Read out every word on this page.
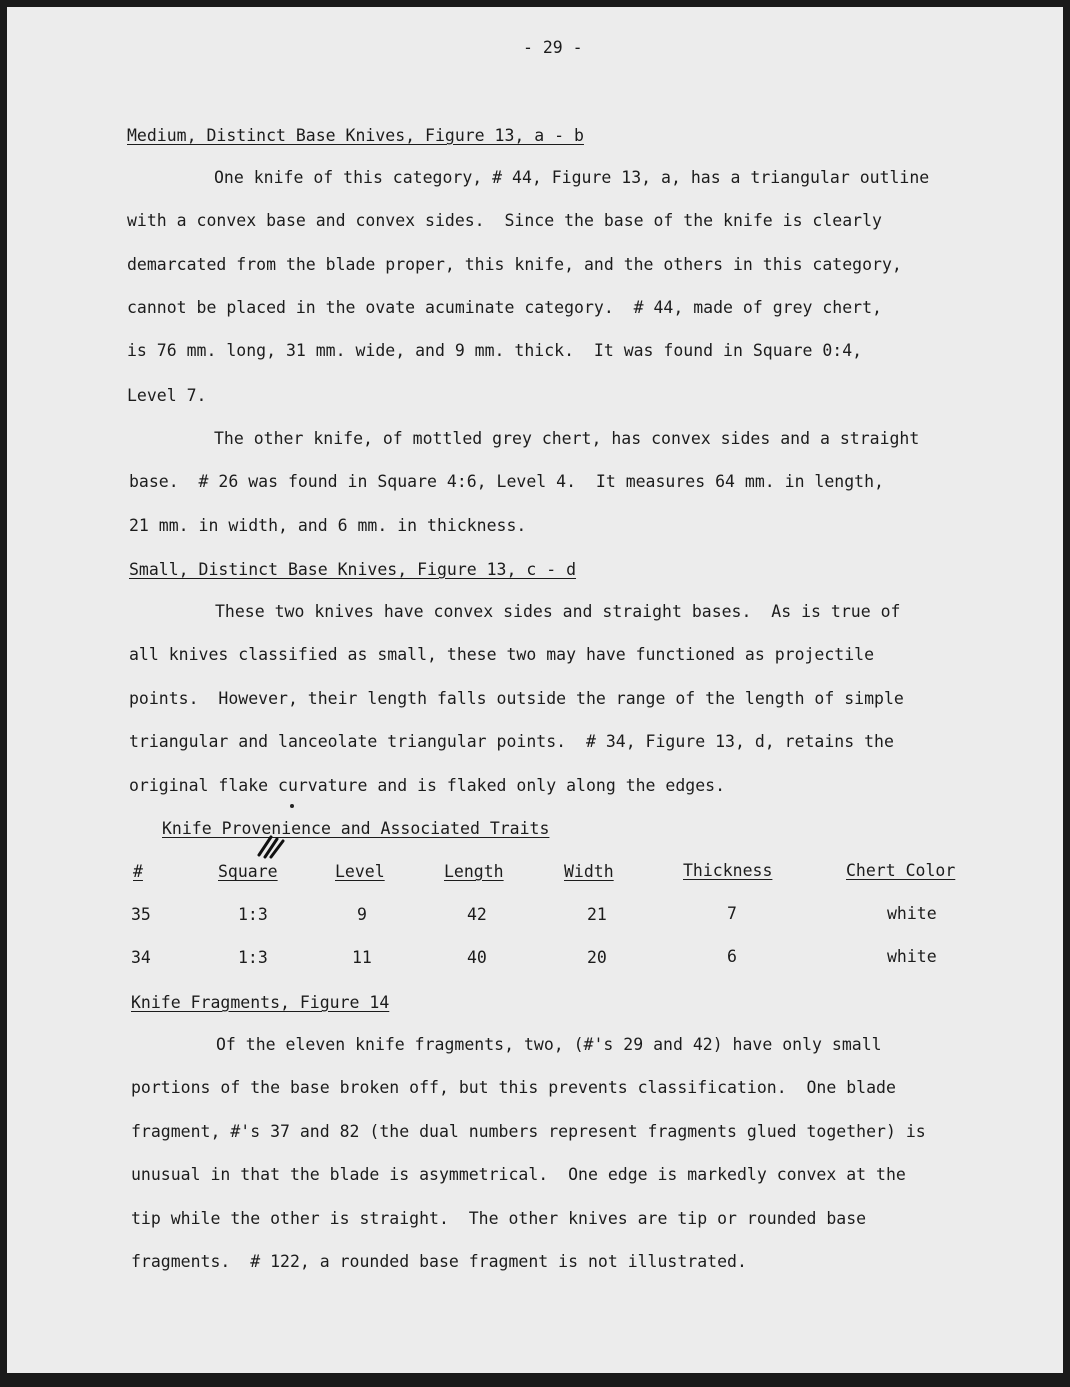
- 29 -
Medium, Distinct Base Knives, Figure 13, a - b
One knife of this category, # 44, Figure 13, a, has a triangular outline
with a convex base and convex sides.  Since the base of the knife is clearly
demarcated from the blade proper, this knife, and the others in this category,
cannot be placed in the ovate acuminate category.  # 44, made of grey chert,
is 76 mm. long, 31 mm. wide, and 9 mm. thick.  It was found in Square 0:4,
Level 7.
The other knife, of mottled grey chert, has convex sides and a straight
base.  # 26 was found in Square 4:6, Level 4.  It measures 64 mm. in length,
21 mm. in width, and 6 mm. in thickness.
Small, Distinct Base Knives, Figure 13, c - d
These two knives have convex sides and straight bases.  As is true of
all knives classified as small, these two may have functioned as projectile
points.  However, their length falls outside the range of the length of simple
triangular and lanceolate triangular points.  # 34, Figure 13, d, retains the
original flake curvature and is flaked only along the edges.
Knife Provenience and Associated Traits
#	Square	Level	Length	Width	Thickness	Chert Color
35	1:3	9	42	21	7	white
34	1:3	11	40	20	6	white
Knife Fragments, Figure 14
Of the eleven knife fragments, two, (#'s 29 and 42) have only small
portions of the base broken off, but this prevents classification.  One blade
fragment, #'s 37 and 82 (the dual numbers represent fragments glued together) is
unusual in that the blade is asymmetrical.  One edge is markedly convex at the
tip while the other is straight.  The other knives are tip or rounded base
fragments.  # 122, a rounded base fragment is not illustrated.
